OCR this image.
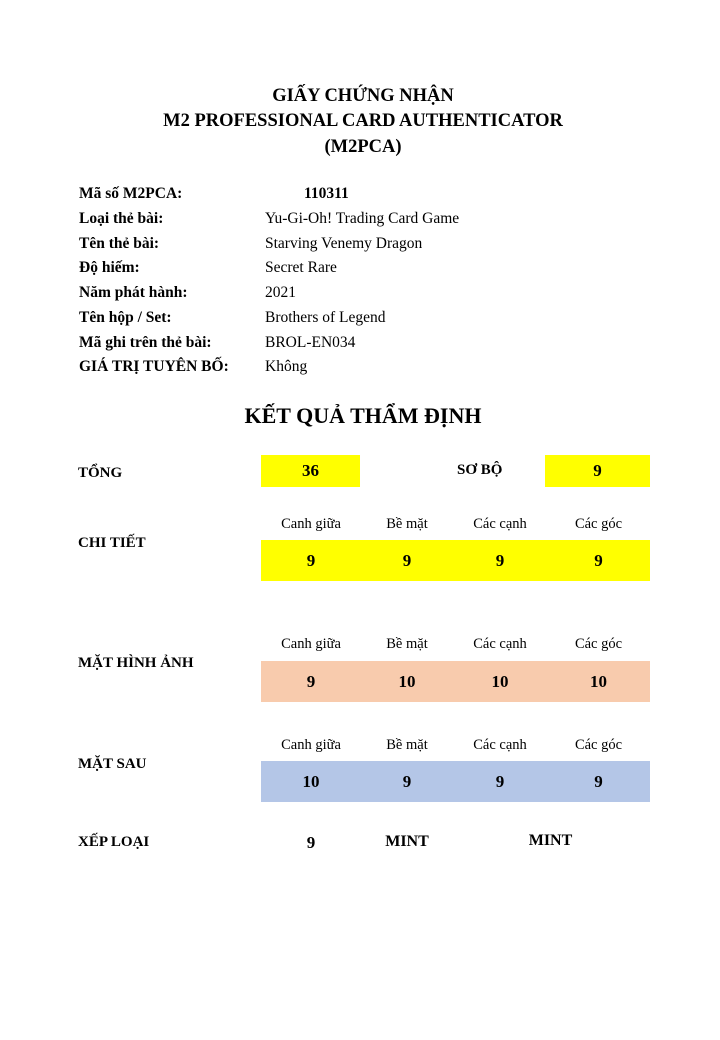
GIẤY CHỨNG NHẬN
M2 PROFESSIONAL CARD AUTHENTICATOR
(M2PCA)
Mã số M2PCA:	110311
Loại thẻ bài:	Yu-Gi-Oh! Trading Card Game
Tên thẻ bài:	Starving Venemy Dragon
Độ hiếm:	Secret Rare
Năm phát hành:	2021
Tên hộp / Set:	Brothers of Legend
Mã ghi trên thẻ bài:	BROL-EN034
GIÁ TRỊ TUYÊN BỐ: Không
KẾT QUẢ THẨM ĐỊNH
TỔNG	36	SƠ BỘ	9
Canh giữa	Bề mặt	Các cạnh	Các góc
CHI TIẾT
9	9	9	9
Canh giữa	Bề mặt	Các cạnh	Các góc
MẶT HÌNH ẢNH
9	10	10	10
Canh giữa	Bề mặt	Các cạnh	Các góc
MẶT SAU
10	9	9	9
XẾP LOẠI	9	MINT	MINT
